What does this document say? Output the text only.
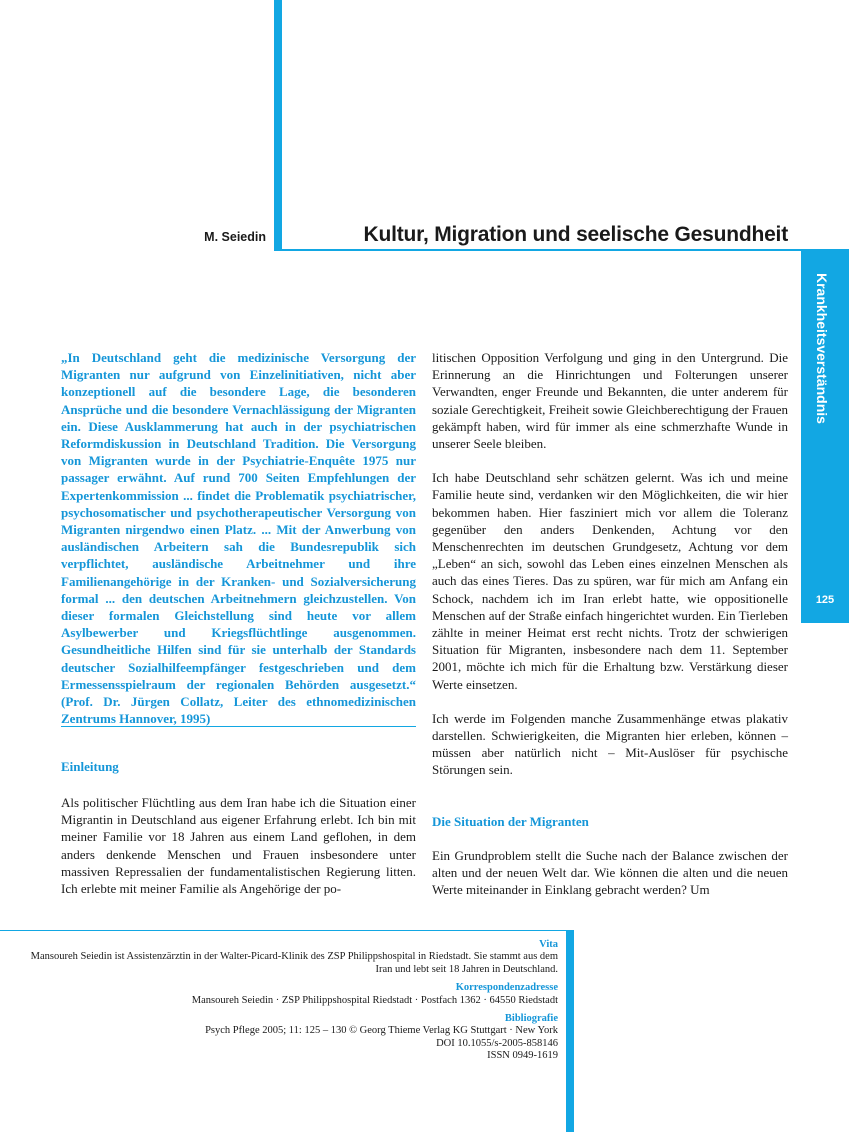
M. Seiedin	Kultur, Migration und seelische Gesundheit
Krankheitsverständnis
125
„In Deutschland geht die medizinische Versorgung der Migranten nur aufgrund von Einzelinitiativen, nicht aber konzeptionell auf die besondere Lage, die besonderen Ansprüche und die besondere Vernachlässigung der Migranten ein. Diese Ausklammerung hat auch in der psychiatrischen Reformdiskussion in Deutschland Tradition. Die Versorgung von Migranten wurde in der Psychiatrie-Enquête 1975 nur passager erwähnt. Auf rund 700 Seiten Empfehlungen der Expertenkommission ... findet die Problematik psychiatrischer, psychosomatischer und psychotherapeutischer Versorgung von Migranten nirgendwo einen Platz. ... Mit der Anwerbung von ausländischen Arbeitern sah die Bundesrepublik sich verpflichtet, ausländische Arbeitnehmer und ihre Familienangehörige in der Kranken- und Sozialversicherung formal ... den deutschen Arbeitnehmern gleichzustellen. Von dieser formalen Gleichstellung sind heute vor allem Asylbewerber und Kriegsflüchtlinge ausgenommen. Gesundheitliche Hilfen sind für sie unterhalb der Standards deutscher Sozialhilfeempfänger festgeschrieben und dem Ermessensspielraum der regionalen Behörden ausgesetzt.“ (Prof. Dr. Jürgen Collatz, Leiter des ethnomedizinischen Zentrums Hannover, 1995)
Einleitung
Als politischer Flüchtling aus dem Iran habe ich die Situation einer Migrantin in Deutschland aus eigener Erfahrung erlebt. Ich bin mit meiner Familie vor 18 Jahren aus einem Land geflohen, in dem anders denkende Menschen und Frauen insbesondere unter massiven Repressalien der fundamentalistischen Regierung litten. Ich erlebte mit meiner Familie als Angehörige der po-

litischen Opposition Verfolgung und ging in den Untergrund. Die Erinnerung an die Hinrichtungen und Folterungen unserer Verwandten, enger Freunde und Bekannten, die unter anderem für soziale Gerechtigkeit, Freiheit sowie Gleichberechtigung der Frauen gekämpft haben, wird für immer als eine schmerzhafte Wunde in unserer Seele bleiben.

Ich habe Deutschland sehr schätzen gelernt. Was ich und meine Familie heute sind, verdanken wir den Möglichkeiten, die wir hier bekommen haben. Hier fasziniert mich vor allem die Toleranz gegenüber den anders Denkenden, Achtung vor den Menschenrechten im deutschen Grundgesetz, Achtung vor dem „Leben“ an sich, sowohl das Leben eines einzelnen Menschen als auch das eines Tieres. Das zu spüren, war für mich am Anfang ein Schock, nachdem ich im Iran erlebt hatte, wie oppositionelle Menschen auf der Straße einfach hingerichtet wurden. Ein Tierleben zählte in meiner Heimat erst recht nichts. Trotz der schwierigen Situation für Migranten, insbesondere nach dem 11. September 2001, möchte ich mich für die Erhaltung bzw. Verstärkung dieser Werte einsetzen.

Ich werde im Folgenden manche Zusammenhänge etwas plakativ darstellen. Schwierigkeiten, die Migranten hier erleben, können – müssen aber natürlich nicht – Mit-Auslöser für psychische Störungen sein.

Die Situation der Migranten

Ein Grundproblem stellt die Suche nach der Balance zwischen der alten und der neuen Welt dar. Wie können die alten und die neuen Werte miteinander in Einklang gebracht werden? Um

Vita
Mansoureh Seiedin ist Assistenzärztin in der Walter-Picard-Klinik des ZSP Philippshospital in Riedstadt. Sie stammt aus dem Iran und lebt seit 18 Jahren in Deutschland.
Korrespondenzadresse
Mansoureh Seiedin · ZSP Philippshospital Riedstadt · Postfach 1362 · 64550 Riedstadt
Bibliografie
Psych Pflege 2005; 11: 125 – 130 © Georg Thieme Verlag KG Stuttgart · New York
DOI 10.1055/s-2005-858146
ISSN 0949-1619
